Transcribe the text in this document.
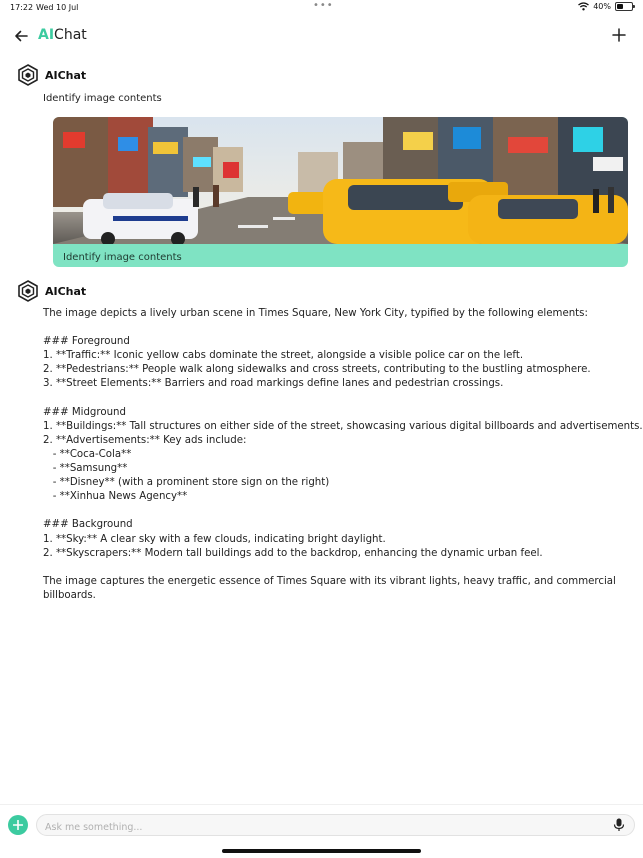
17:22 Wed 10 Jul	•••	40%
AIChat
AIChat
Identify image contents
Identify image contents
AIChat

The image depicts a lively urban scene in Times Square, New York City, typified by the following elements:

### Foreground

1. **Traffic:** Iconic yellow cabs dominate the street, alongside a visible police car on the left.

2. **Pedestrians:** People walk along sidewalks and cross streets, contributing to the bustling atmosphere.

3. **Street Elements:** Barriers and road markings define lanes and pedestrian crossings.

### Midground

1. **Buildings:** Tall structures on either side of the street, showcasing various digital billboards and advertisements.

2. **Advertisements:** Key ads include:

- **Coca-Cola**

- **Samsung**

- **Disney** (with a prominent store sign on the right)

- **Xinhua News Agency**

### Background

1. **Sky:** A clear sky with a few clouds, indicating bright daylight.

2. **Skyscrapers:** Modern tall buildings add to the backdrop, enhancing the dynamic urban feel.

The image captures the energetic essence of Times Square with its vibrant lights, heavy traffic, and commercial

billboards.

Ask me something...
